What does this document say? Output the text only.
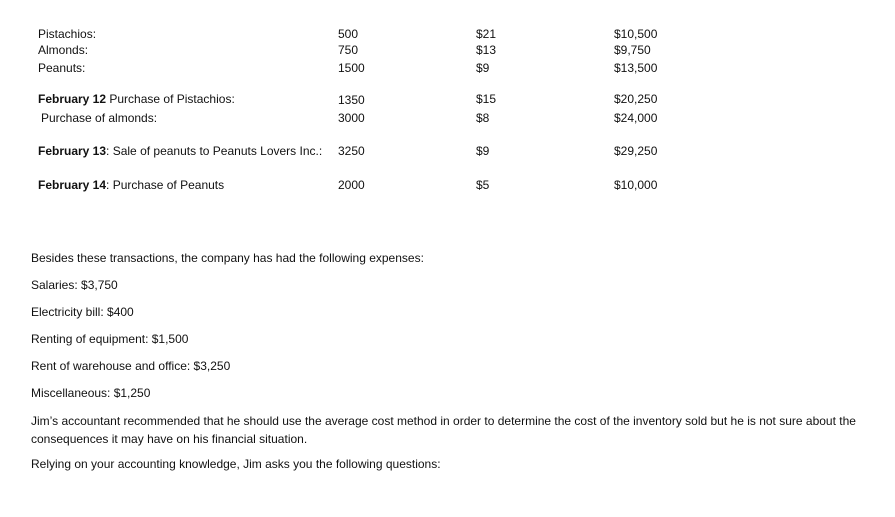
Pistachios:	500	$21	$10,500
Almonds:	750	$13	$9,750
Peanuts:	1500	$9	$13,500
February 12 Purchase of Pistachios:	1350	$15	$20,250
Purchase of almonds:	3000	$8	$24,000
February 13: Sale of peanuts to Peanuts Lovers Inc.: 3250	$9	$29,250
February 14: Purchase of Peanuts	2000	$5	$10,000
Besides these transactions, the company has had the following expenses:
Salaries: $3,750
Electricity bill: $400
Renting of equipment: $1,500
Rent of warehouse and office: $3,250
Miscellaneous: $1,250
Jim’s accountant recommended that he should use the average cost method in order to determine the cost of the inventory sold but he is not sure about the consequences it may have on his financial situation.
Relying on your accounting knowledge, Jim asks you the following questions:
